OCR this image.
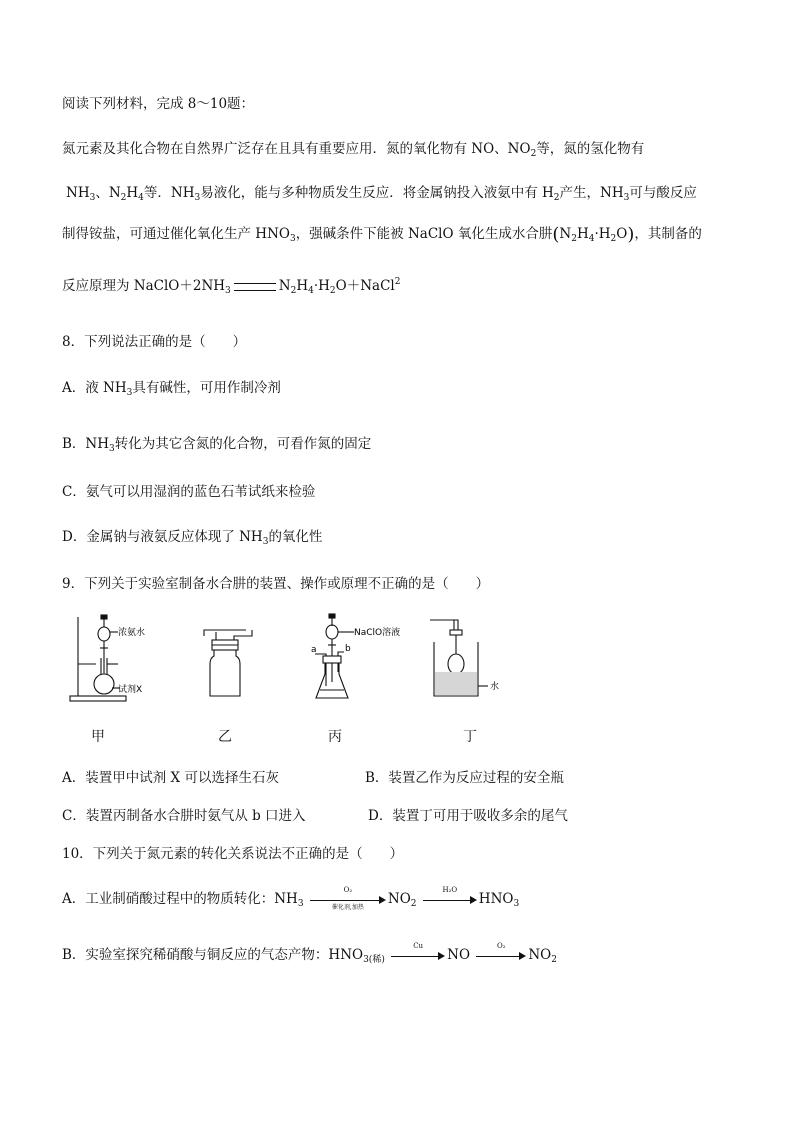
阅读下列材料，完成 8～10题：
氮元素及其化合物在自然界广泛存在且具有重要应用．氮的氧化物有 NO、$NO_2$等，氮的氢化物有
$NH_3$、$N_2H_4$等．$NH_3$易液化，能与多种物质发生反应．将金属钠投入液氨中有 $H_2$产生，$NH_3$可与酸反应
制得铵盐，可通过催化氧化生产 $HNO_3$，强碱条件下能被 NaClO 氧化生成水合肼$(N_2H_4\cdot H_2O)$，其制备的
反应原理为 $NaClO+2NH_3$	$N_2H_4\cdot H_2O+NaCl^2$
8．下列说法正确的是（　　）
A．液 $NH_3$具有碱性，可用作制冷剂
B．$NH_3$转化为其它含氮的化合物，可看作氮的固定
C．氨气可以用湿润的蓝色石苇试纸来检验
D．金属钠与液氨反应体现了 $NH_3$的氧化性
9．下列关于实验室制备水合肼的装置、操作或原理不正确的是（　　）
浓氨水
试剂X
NaClO溶液
a	b
水
甲	乙	丙	丁
A．装置甲中试剂 X 可以选择生石灰	B．装置乙作为反应过程的安全瓶
C．装置丙制备水合肼时氨气从 b 口进入	D．装置丁可用于吸收多余的尾气
10．下列关于氮元素的转化关系说法不正确的是（　　）
A．工业制硝酸过程中的物质转化：$NH_3$
O₂
催化剂,加热	$NO_2$
H₂O
$HNO_3$
B．实验室探究稀硝酸与铜反应的气态产物：$HNO_{3(稀)}$
Cu
NO
O₂
$NO_2$
